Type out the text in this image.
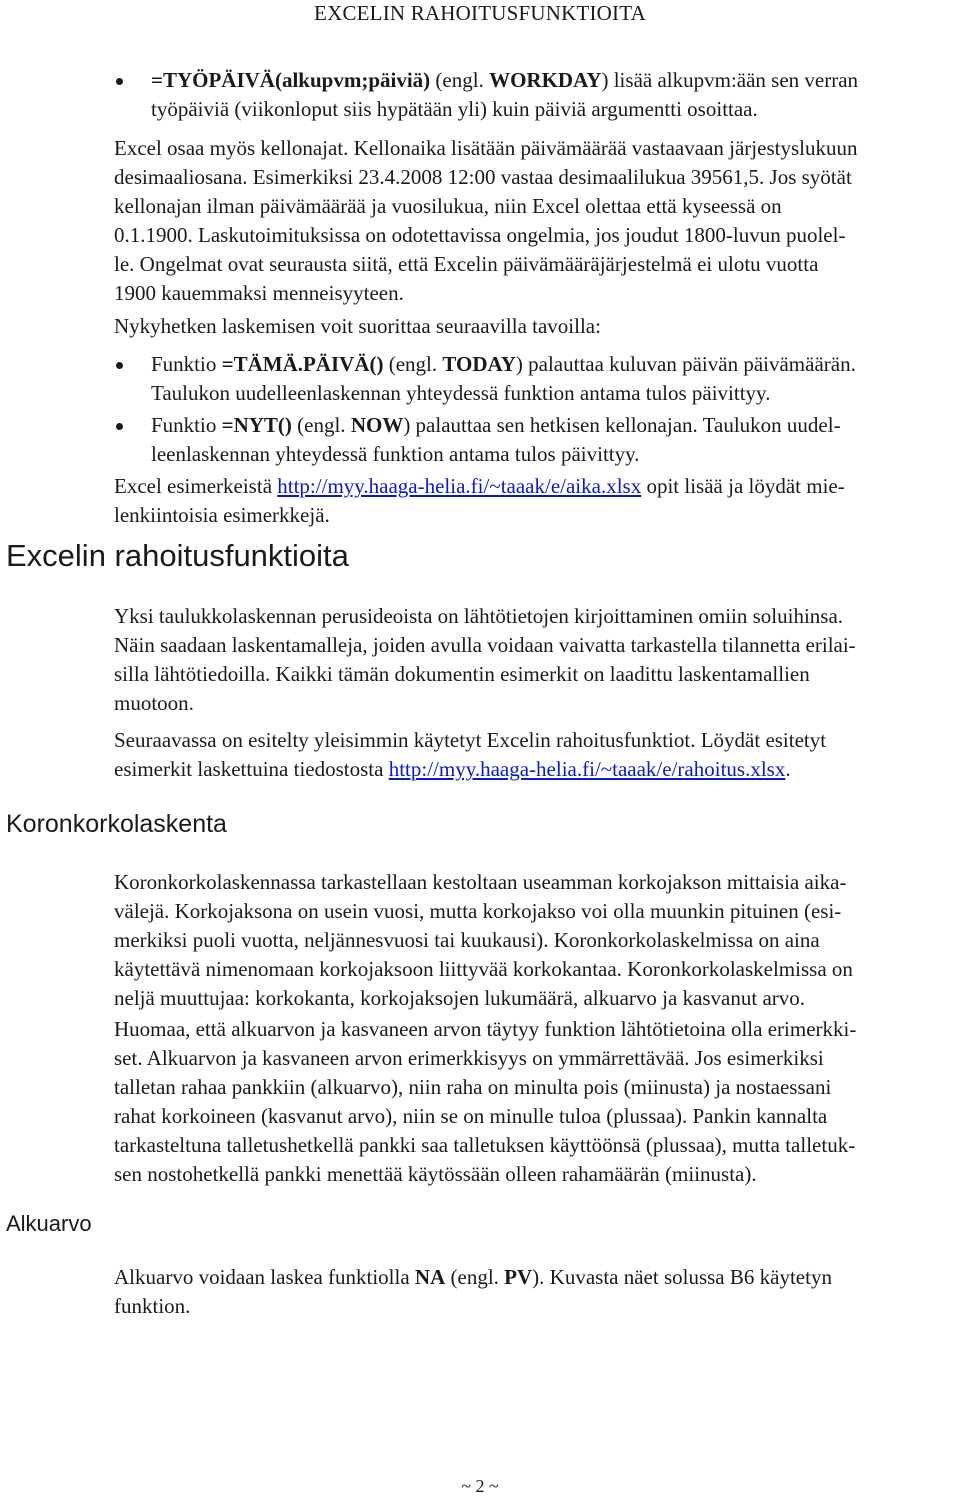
EXCELIN RAHOITUSFUNKTIOITA
=TYÖPÄIVÄ(alkupvm;päiviä) (engl. WORKDAY) lisää alkupvm:ään sen verran
työpäiviä (viikonloput siis hypätään yli) kuin päiviä argumentti osoittaa.
Excel osaa myös kellonajat. Kellonaika lisätään päivämäärää vastaavaan järjestyslukuun
desimaaliosana. Esimerkiksi 23.4.2008 12:00 vastaa desimaalilukua 39561,5. Jos syötät
kellonajan ilman päivämäärää ja vuosilukua, niin Excel olettaa että kyseessä on
0.1.1900. Laskutoimituksissa on odotettavissa ongelmia, jos joudut 1800-luvun puolel-
le. Ongelmat ovat seurausta siitä, että Excelin päivämääräjärjestelmä ei ulotu vuotta
1900 kauemmaksi menneisyyteen.
Nykyhetken laskemisen voit suorittaa seuraavilla tavoilla:
Funktio =TÄMÄ.PÄIVÄ() (engl. TODAY) palauttaa kuluvan päivän päivämäärän.
Taulukon uudelleenlaskennan yhteydessä funktion antama tulos päivittyy.
Funktio =NYT() (engl. NOW) palauttaa sen hetkisen kellonajan. Taulukon uudel-
leenlaskennan yhteydessä funktion antama tulos päivittyy.
Excel esimerkeistä http://myy.haaga-helia.fi/~taaak/e/aika.xlsx opit lisää ja löydät mie-
lenkiintoisia esimerkkejä.
Excelin rahoitusfunktioita
Yksi taulukkolaskennan perusideoista on lähtötietojen kirjoittaminen omiin soluihinsa.
Näin saadaan laskentamalleja, joiden avulla voidaan vaivatta tarkastella tilannetta erilai-
silla lähtötiedoilla. Kaikki tämän dokumentin esimerkit on laadittu laskentamallien
muotoon.
Seuraavassa on esitelty yleisimmin käytetyt Excelin rahoitusfunktiot. Löydät esitetyt
esimerkit laskettuina tiedostosta http://myy.haaga-helia.fi/~taaak/e/rahoitus.xlsx.
Koronkorkolaskenta
Koronkorkolaskennassa tarkastellaan kestoltaan useamman korkojakson mittaisia aika-
välejä. Korkojaksona on usein vuosi, mutta korkojakso voi olla muunkin pituinen (esi-
merkiksi puoli vuotta, neljännesvuosi tai kuukausi). Koronkorkolaskelmissa on aina
käytettävä nimenomaan korkojaksoon liittyvää korkokantaa. Koronkorkolaskelmissa on
neljä muuttujaa: korkokanta, korkojaksojen lukumäärä, alkuarvo ja kasvanut arvo.
Huomaa, että alkuarvon ja kasvaneen arvon täytyy funktion lähtötietoina olla erimerkki-
set. Alkuarvon ja kasvaneen arvon erimerkkisyys on ymmärrettävää. Jos esimerkiksi
talletan rahaa pankkiin (alkuarvo), niin raha on minulta pois (miinusta) ja nostaessani
rahat korkoineen (kasvanut arvo), niin se on minulle tuloa (plussaa). Pankin kannalta
tarkasteltuna talletushetkellä pankki saa talletuksen käyttöönsä (plussaa), mutta talletuk-
sen nostohetkellä pankki menettää käytössään olleen rahamäärän (miinusta).
Alkuarvo
Alkuarvo voidaan laskea funktiolla NA (engl. PV). Kuvasta näet solussa B6 käytetyn
funktion.
~ 2 ~
